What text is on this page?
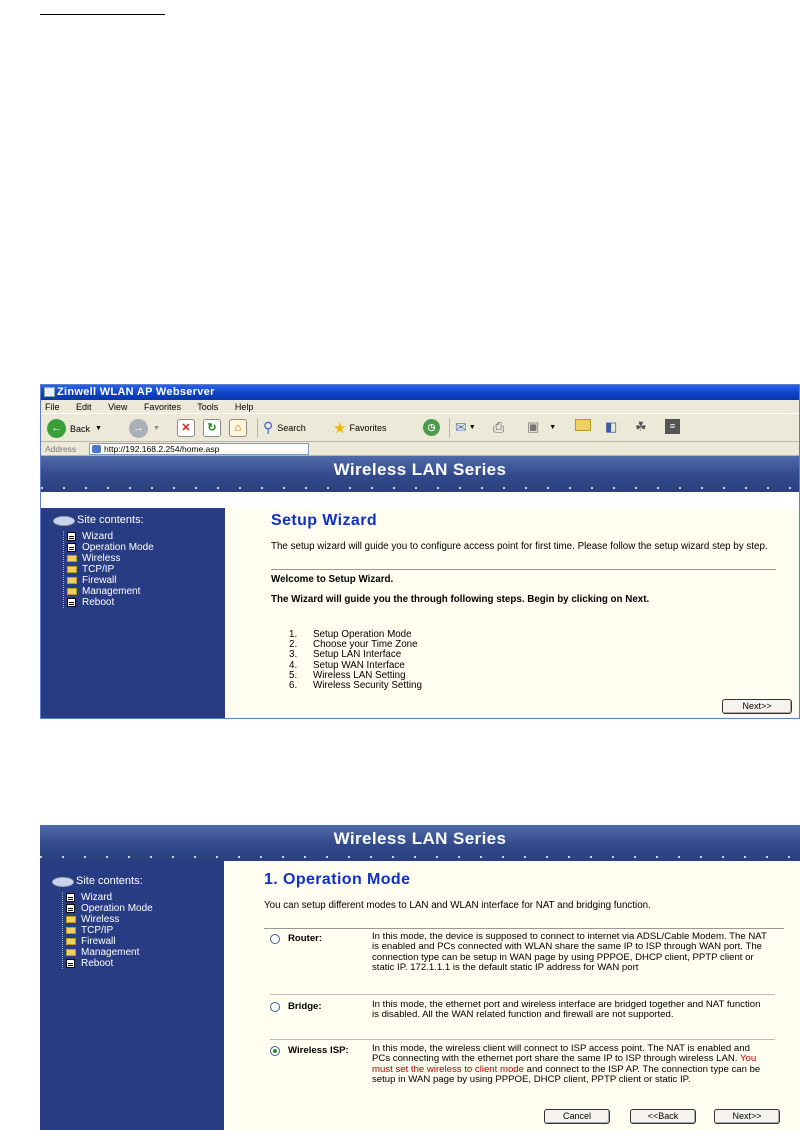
Zinwell WLAN AP Webserver
File Edit View Favorites Tools Help
← Back ▼	→	▼	✕	↻	⌂	⚲ Search ★ Favorites	◷	✉ ▼ ⎙ ▣ ▼	◧ ☘	≡
Address	http://192.168.2.254/home.asp
Wireless LAN Series
Site contents:
Wizard
Operation Mode
Wireless
TCP/IP
Firewall
Management
Reboot
Setup Wizard
The setup wizard will guide you to configure access point for first time. Please follow the setup wizard step by step.
Welcome to Setup Wizard.
The Wizard will guide you the through following steps. Begin by clicking on Next.
1.	Setup Operation Mode
2.	Choose your Time Zone
3.	Setup LAN Interface
4.	Setup WAN Interface
5.	Wireless LAN Setting
6.	Wireless Security Setting
Next>>
Wireless LAN Series
Site contents:
Wizard
Operation Mode
Wireless
TCP/IP
Firewall
Management
Reboot
1. Operation Mode
You can setup different modes to LAN and WLAN interface for NAT and bridging function.
Router:	In this mode, the device is supposed to connect to internet via ADSL/Cable Modem. The NAT is enabled and PCs connected with WLAN share the same IP to ISP through WAN port. The connection type can be setup in WAN page by using PPPOE, DHCP client, PPTP client or static IP. 172.1.1.1 is the default static IP address for WAN port
Bridge:	In this mode, the ethernet port and wireless interface are bridged together and NAT function is disabled. All the WAN related function and firewall are not supported.
Wireless ISP: In this mode, the wireless client will connect to ISP access point. The NAT is enabled and PCs connecting with the ethernet port share the same IP to ISP through wireless LAN. You must set the wireless to client mode and connect to the ISP AP. The connection type can be setup in WAN page by using PPPOE, DHCP client, PPTP client or static IP.
Cancel	<<Back	Next>>
